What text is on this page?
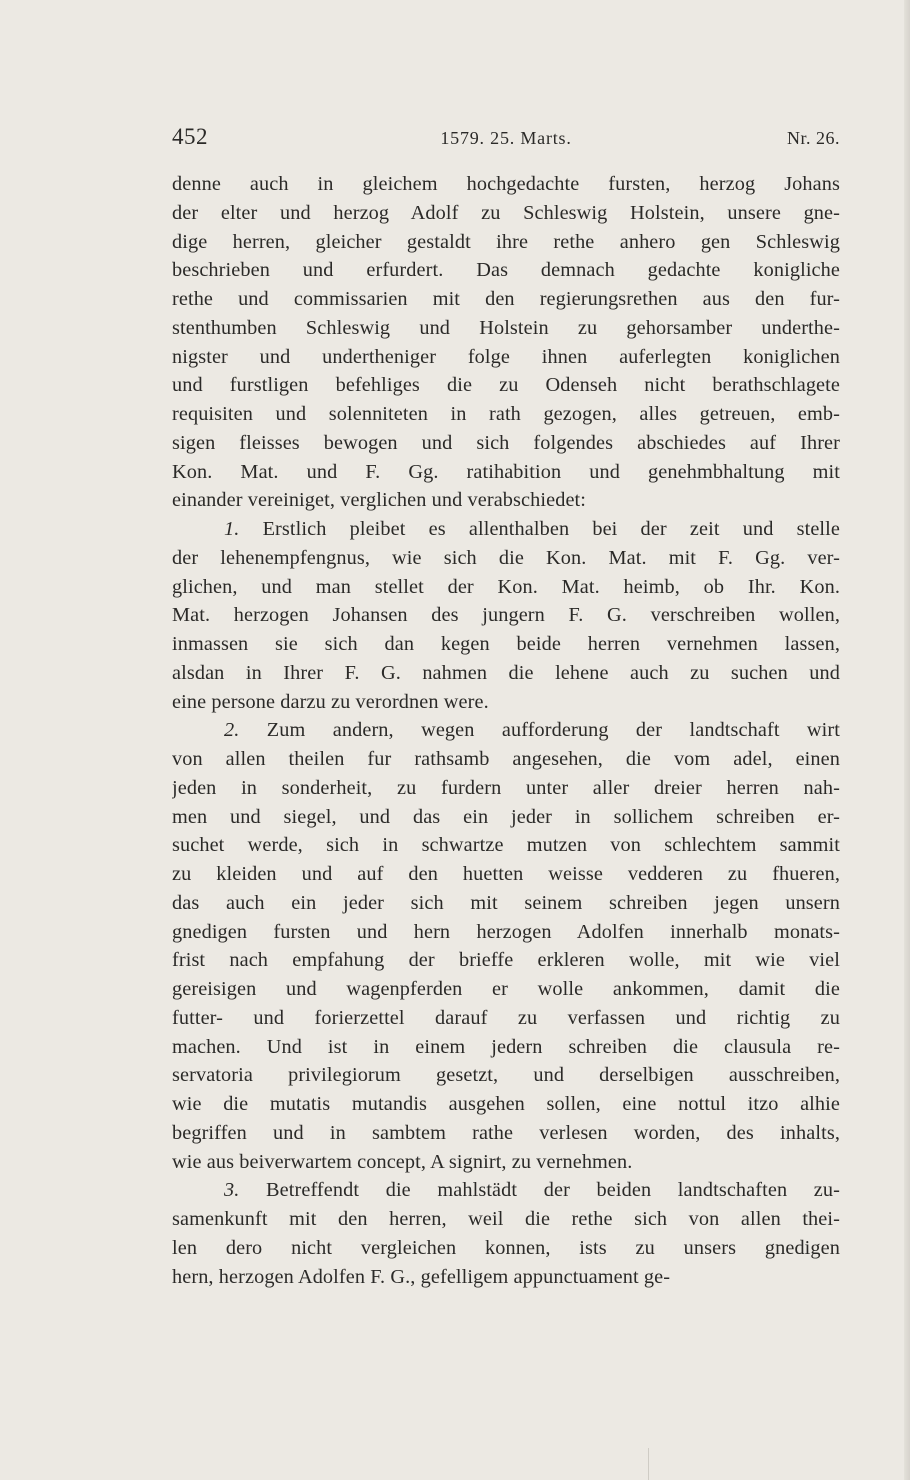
452	1579. 25. Marts.	Nr. 26.
denne auch in gleichem hochgedachte fursten, herzog Johans
der elter und herzog Adolf zu Schleswig Holstein, unsere gne-
dige herren, gleicher gestaldt ihre rethe anhero gen Schleswig
beschrieben und erfurdert. Das demnach gedachte konigliche
rethe und commissarien mit den regierungsrethen aus den fur-
stenthumben Schleswig und Holstein zu gehorsamber underthe-
nigster und undertheniger folge ihnen auferlegten koniglichen
und furstligen befehliges die zu Odenseh nicht berathschlagete
requisiten und solenniteten in rath gezogen, alles getreuen, emb-
sigen fleisses bewogen und sich folgendes abschiedes auf Ihrer
Kon. Mat. und F. Gg. ratihabition und genehmbhaltung mit
einander vereiniget, verglichen und verabschiedet:
1. Erstlich pleibet es allenthalben bei der zeit und stelle
der lehenempfengnus, wie sich die Kon. Mat. mit F. Gg. ver-
glichen, und man stellet der Kon. Mat. heimb, ob Ihr. Kon.
Mat. herzogen Johansen des jungern F. G. verschreiben wollen,
inmassen sie sich dan kegen beide herren vernehmen lassen,
alsdan in Ihrer F. G. nahmen die lehene auch zu suchen und
eine persone darzu zu verordnen were.
2. Zum andern, wegen aufforderung der landtschaft wirt
von allen theilen fur rathsamb angesehen, die vom adel, einen
jeden in sonderheit, zu furdern unter aller dreier herren nah-
men und siegel, und das ein jeder in sollichem schreiben er-
suchet werde, sich in schwartze mutzen von schlechtem sammit
zu kleiden und auf den huetten weisse vedderen zu fhueren,
das auch ein jeder sich mit seinem schreiben jegen unsern
gnedigen fursten und hern herzogen Adolfen innerhalb monats-
frist nach empfahung der brieffe erkleren wolle, mit wie viel
gereisigen und wagenpferden er wolle ankommen, damit die
futter- und forierzettel darauf zu verfassen und richtig zu
machen. Und ist in einem jedern schreiben die clausula re-
servatoria privilegiorum gesetzt, und derselbigen ausschreiben,
wie die mutatis mutandis ausgehen sollen, eine nottul itzo alhie
begriffen und in sambtem rathe verlesen worden, des inhalts,
wie aus beiverwartem concept, A signirt, zu vernehmen.
3. Betreffendt die mahlstädt der beiden landtschaften zu-
samenkunft mit den herren, weil die rethe sich von allen thei-
len dero nicht vergleichen konnen, ists zu unsers gnedigen
hern, herzogen Adolfen F. G., gefelligem appunctuament ge-
